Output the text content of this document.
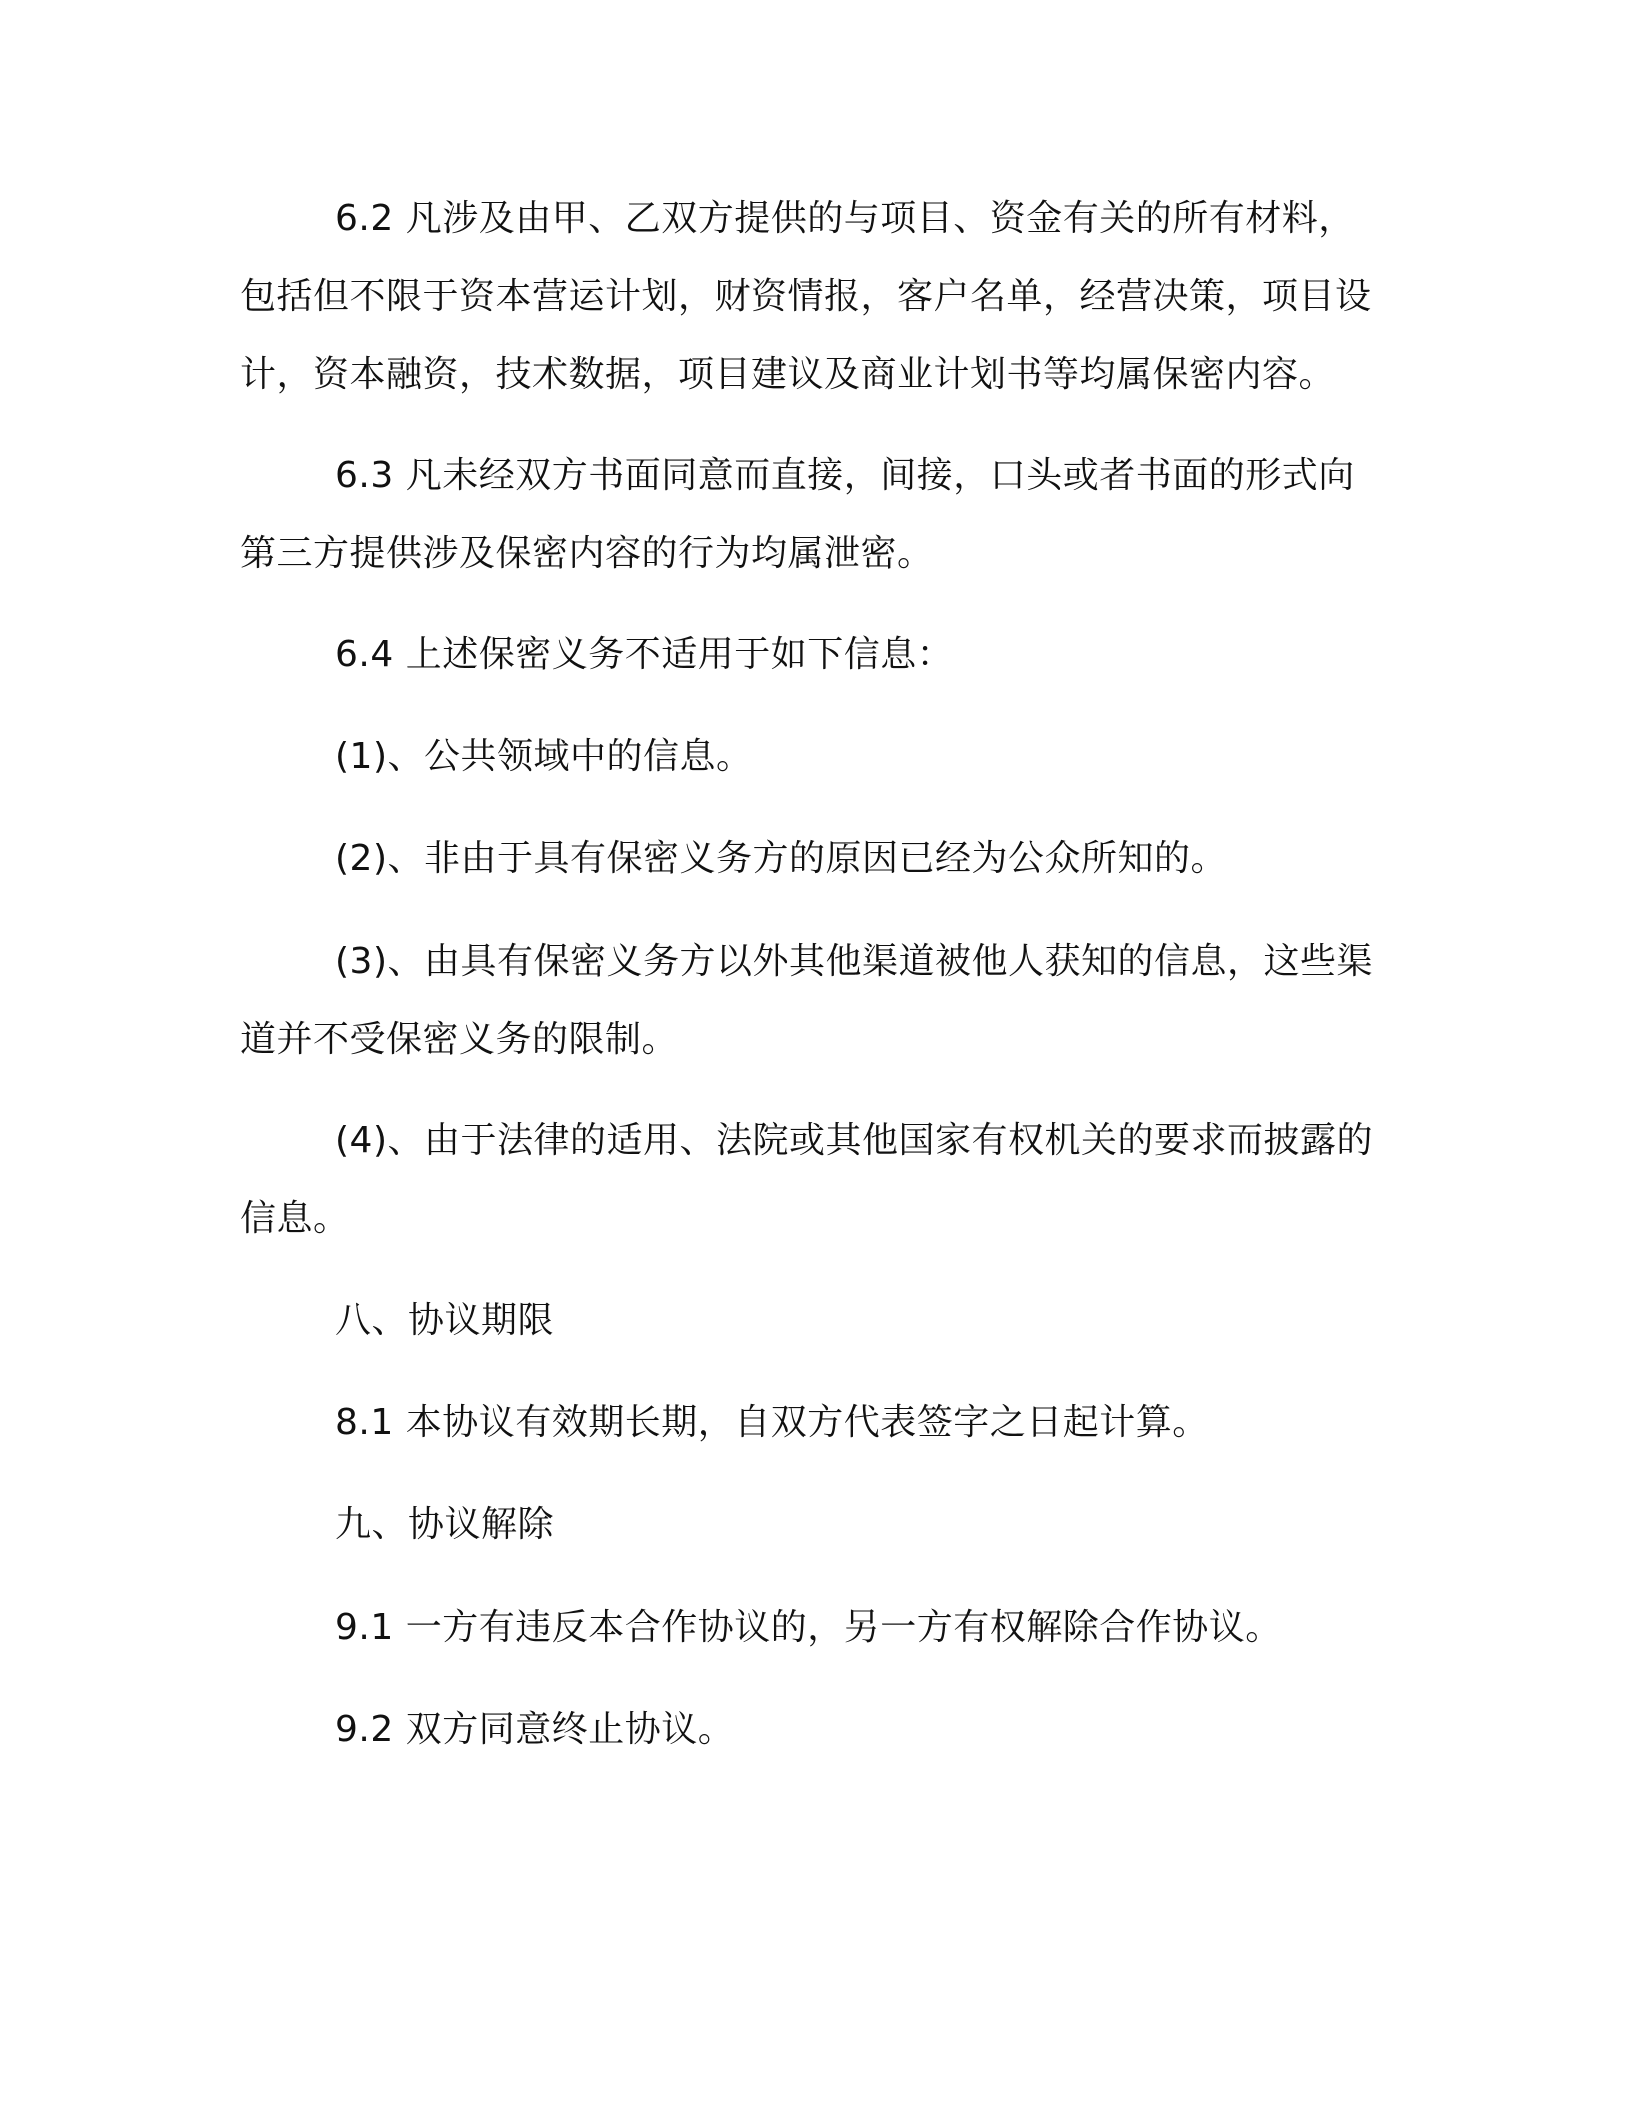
6.2 凡涉及由甲、乙双方提供的与项目、资金有关的所有材料，包括但不限于资本营运计划，财资情报，客户名单，经营决策，项目设计，资本融资，技术数据，项目建议及商业计划书等均属保密内容。

6.3 凡未经双方书面同意而直接，间接，口头或者书面的形式向第三方提供涉及保密内容的行为均属泄密。

6.4 上述保密义务不适用于如下信息：

(1)、公共领域中的信息。

(2)、非由于具有保密义务方的原因已经为公众所知的。

(3)、由具有保密义务方以外其他渠道被他人获知的信息，这些渠道并不受保密义务的限制。

(4)、由于法律的适用、法院或其他国家有权机关的要求而披露的信息。

八、协议期限

8.1 本协议有效期长期，自双方代表签字之日起计算。

九、协议解除

9.1 一方有违反本合作协议的，另一方有权解除合作协议。

9.2 双方同意终止协议。
